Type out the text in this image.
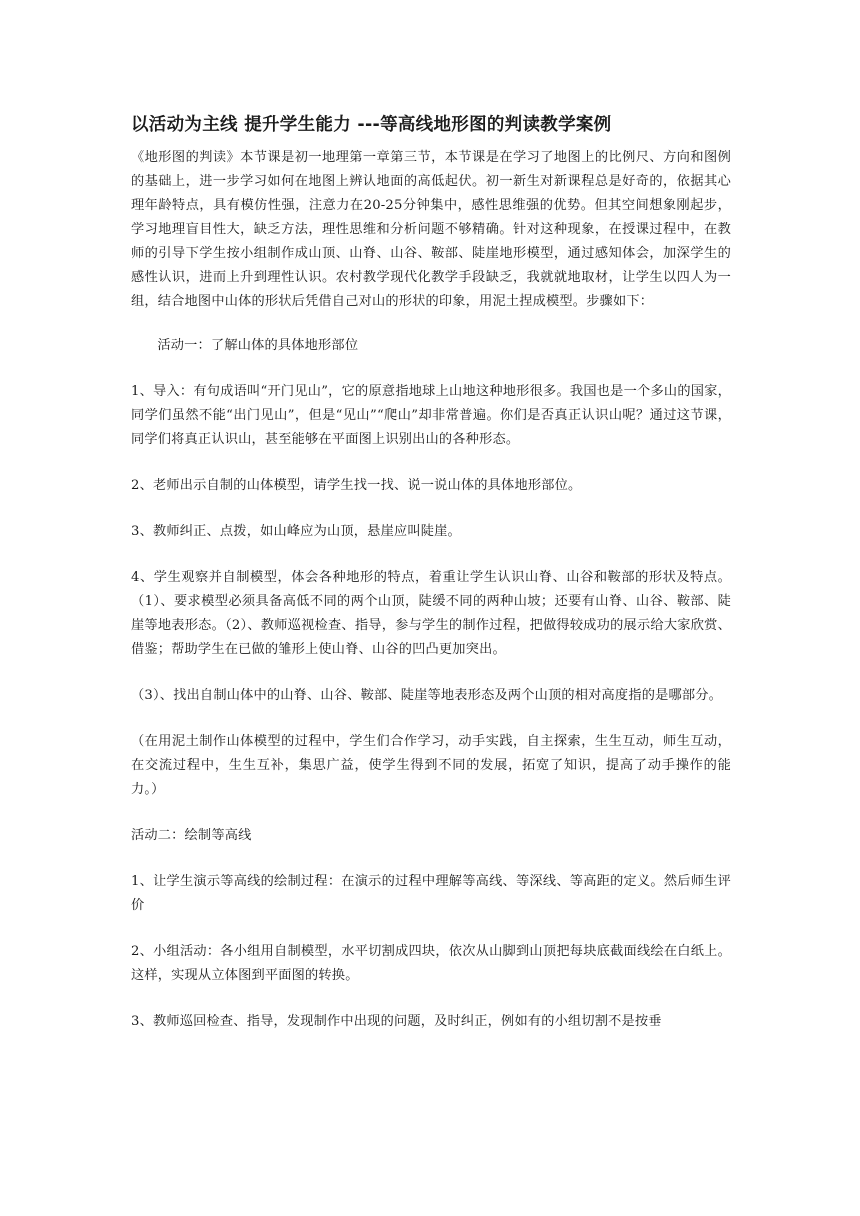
以活动为主线 提升学生能力 ---等高线地形图的判读教学案例

《地形图的判读》本节课是初一地理第一章第三节，本节课是在学习了地图上的比例尺、方向和图例的基础上，进一步学习如何在地图上辨认地面的高低起伏。初一新生对新课程总是好奇的，依据其心理年龄特点，具有模仿性强，注意力在20-25分钟集中，感性思维强的优势。但其空间想象刚起步，学习地理盲目性大，缺乏方法，理性思维和分析问题不够精确。针对这种现象，在授课过程中，在教师的引导下学生按小组制作成山顶、山脊、山谷、鞍部、陡崖地形模型，通过感知体会，加深学生的感性认识，进而上升到理性认识。农村教学现代化教学手段缺乏，我就就地取材，让学生以四人为一组，结合地图中山体的形状后凭借自己对山的形状的印象，用泥土捏成模型。步骤如下：

活动一：了解山体的具体地形部位

1、导入：有句成语叫“开门见山”，它的原意指地球上山地这种地形很多。我国也是一个多山的国家，同学们虽然不能“出门见山”，但是“见山”“爬山”却非常普遍。你们是否真正认识山呢？通过这节课，同学们将真正认识山，甚至能够在平面图上识别出山的各种形态。

2、老师出示自制的山体模型，请学生找一找、说一说山体的具体地形部位。

3、教师纠正、点拨，如山峰应为山顶，悬崖应叫陡崖。

4、学生观察并自制模型，体会各种地形的特点，着重让学生认识山脊、山谷和鞍部的形状及特点。（1）、要求模型必须具备高低不同的两个山顶，陡缓不同的两种山坡；还要有山脊、山谷、鞍部、陡崖等地表形态。（2）、教师巡视检查、指导，参与学生的制作过程，把做得较成功的展示给大家欣赏、借鉴；帮助学生在已做的雏形上使山脊、山谷的凹凸更加突出。

（3）、找出自制山体中的山脊、山谷、鞍部、陡崖等地表形态及两个山顶的相对高度指的是哪部分。

（在用泥土制作山体模型的过程中，学生们合作学习，动手实践，自主探索，生生互动，师生互动，在交流过程中，生生互补，集思广益，使学生得到不同的发展，拓宽了知识，提高了动手操作的能力。）

活动二：绘制等高线

1、让学生演示等高线的绘制过程：在演示的过程中理解等高线、等深线、等高距的定义。然后师生评价

2、小组活动：各小组用自制模型，水平切割成四块，依次从山脚到山顶把每块底截面线绘在白纸上。这样，实现从立体图到平面图的转换。

3、教师巡回检查、指导，发现制作中出现的问题，及时纠正，例如有的小组切割不是按垂
